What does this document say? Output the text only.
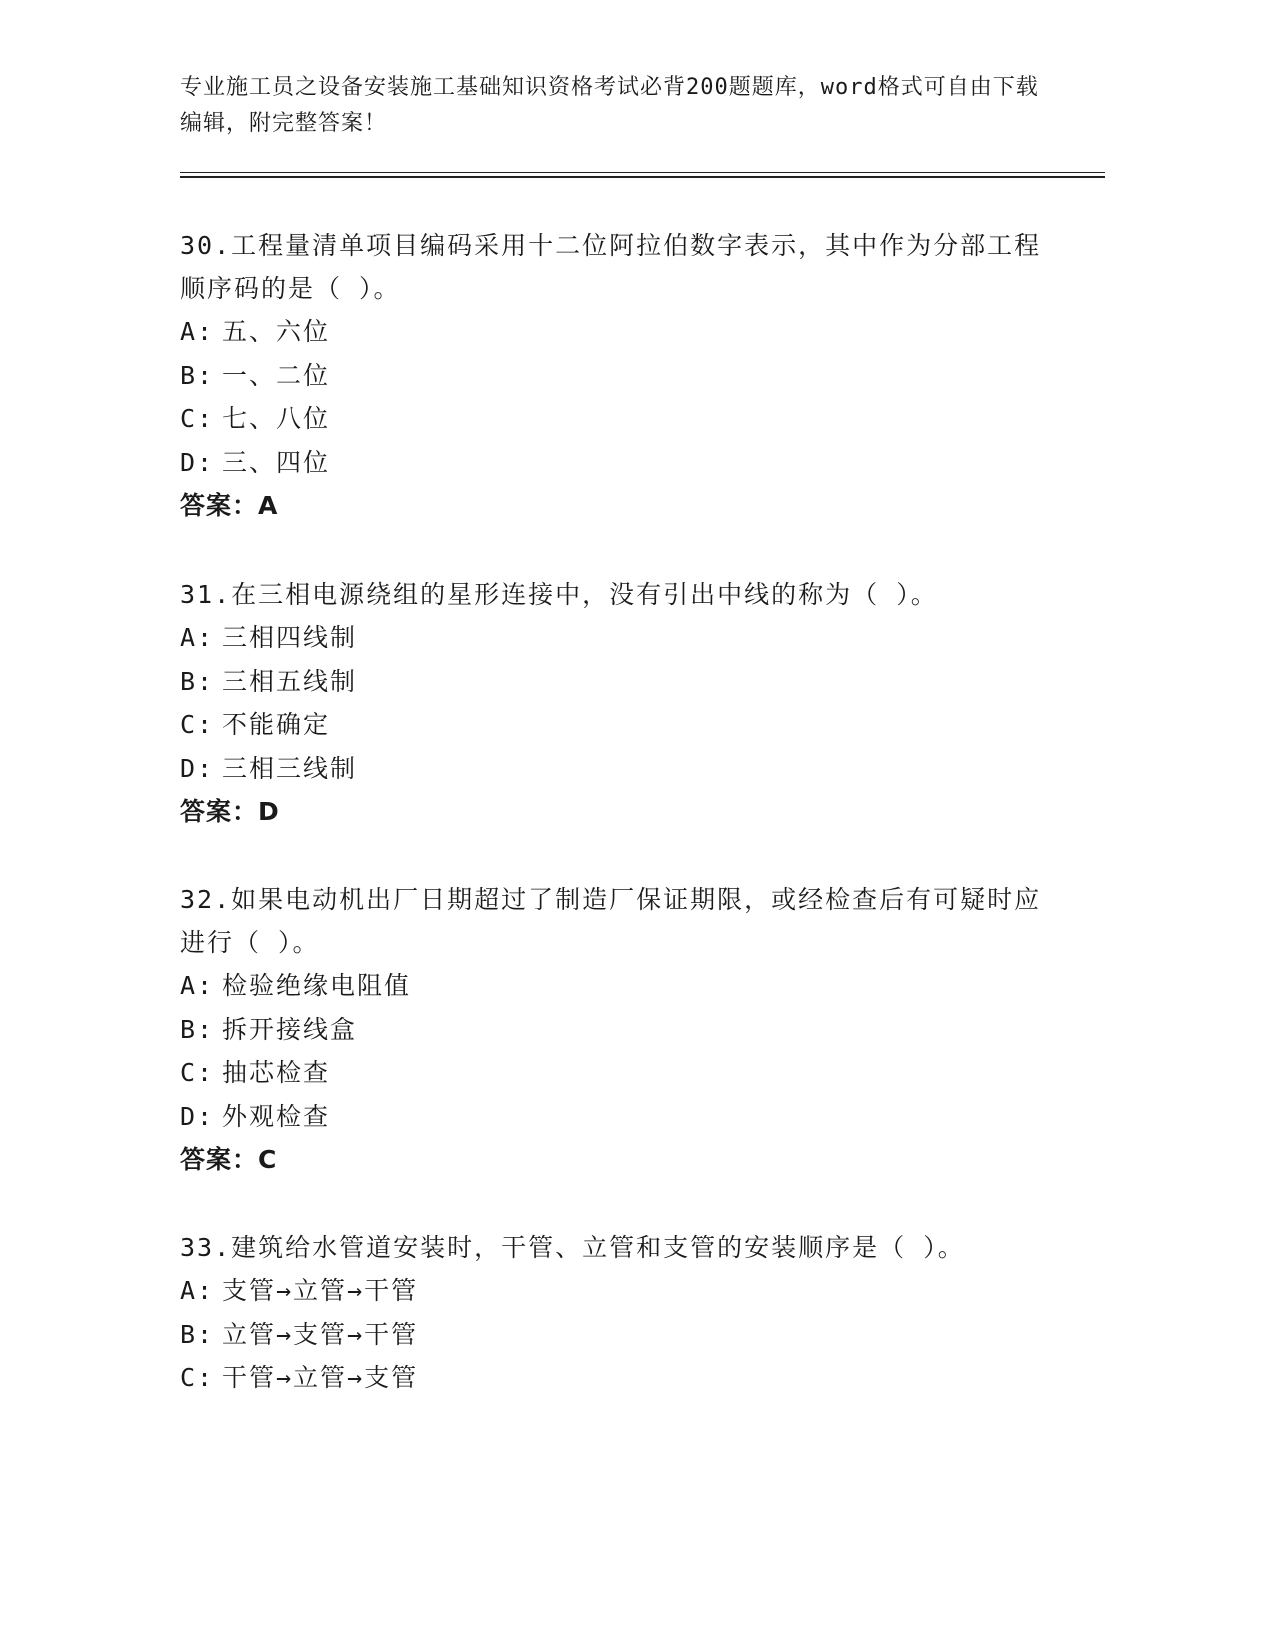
专业施工员之设备安装施工基础知识资格考试必背200题题库，word格式可自由下载编辑，附完整答案！

30.工程量清单项目编码采用十二位阿拉伯数字表示，其中作为分部工程顺序码的是（ ）。

A: 五、六位

B: 一、二位

C: 七、八位

D: 三、四位

答案：A

31.在三相电源绕组的星形连接中，没有引出中线的称为（ ）。

A: 三相四线制

B: 三相五线制

C: 不能确定

D: 三相三线制

答案：D

32.如果电动机出厂日期超过了制造厂保证期限，或经检查后有可疑时应进行（ ）。

A: 检验绝缘电阻值

B: 拆开接线盒

C: 抽芯检查

D: 外观检查

答案：C

33.建筑给水管道安装时，干管、立管和支管的安装顺序是（ ）。

A: 支管→立管→干管

B: 立管→支管→干管

C: 干管→立管→支管
